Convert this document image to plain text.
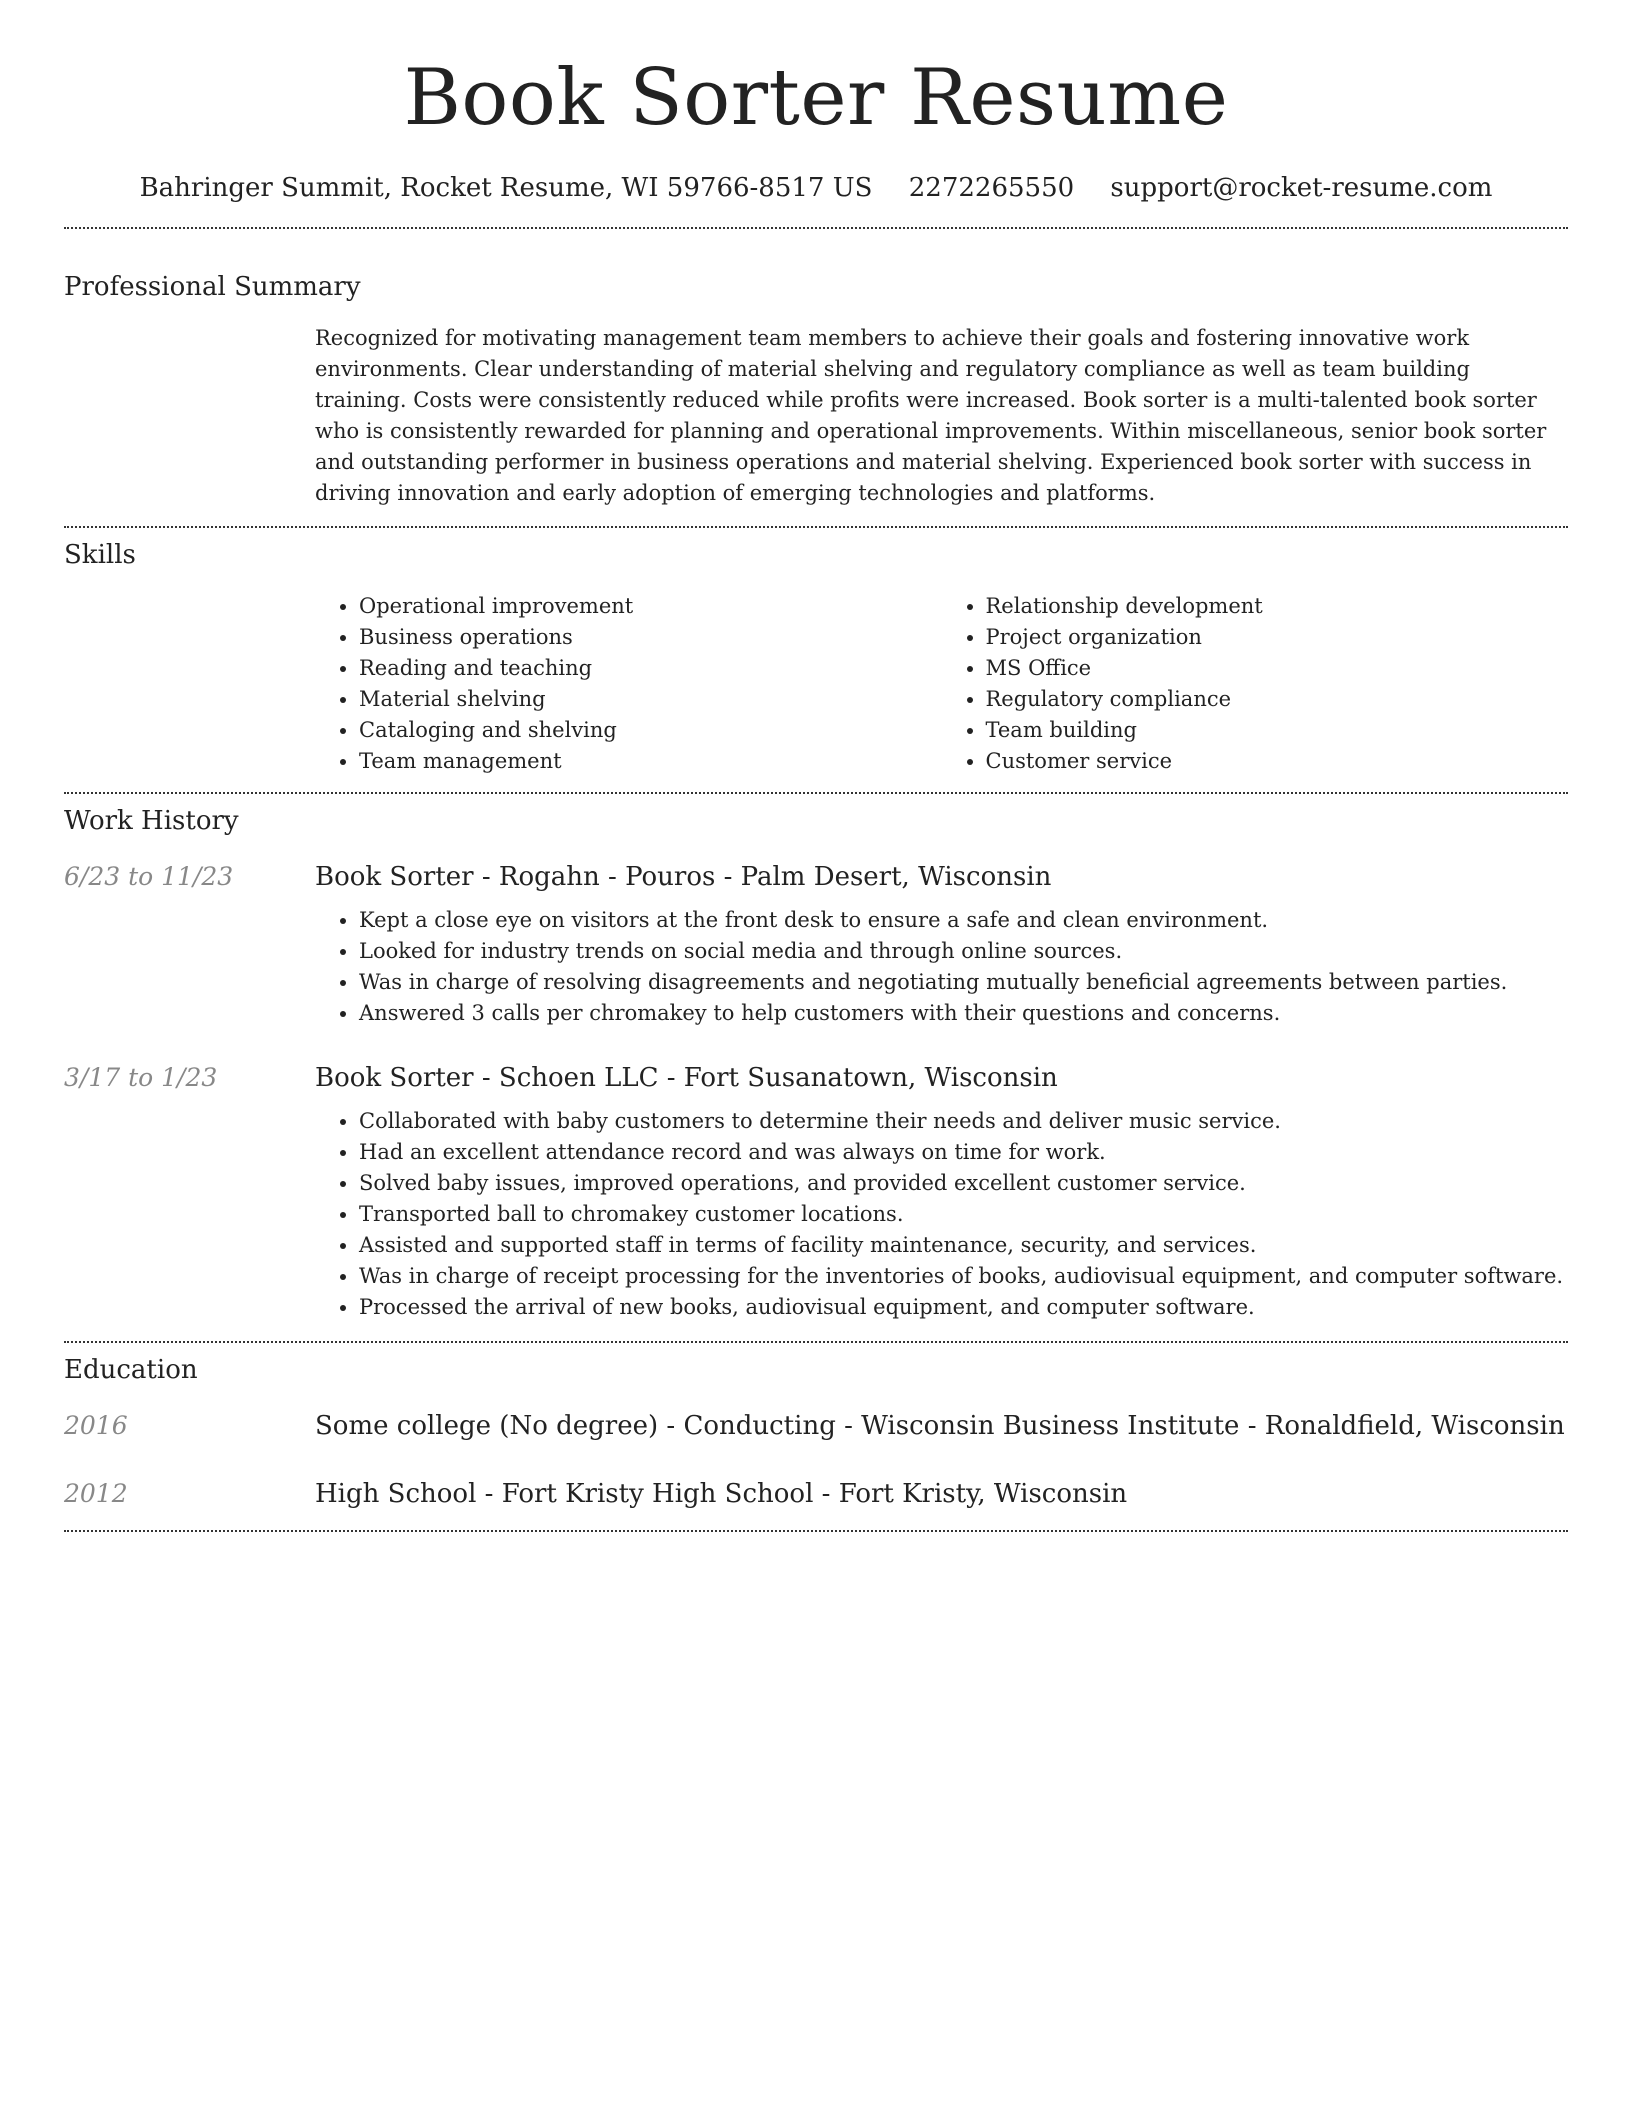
Book Sorter Resume
Bahringer Summit, Rocket Resume, WI 59766-8517 US 2272265550 support@rocket-resume.com
Professional Summary
Recognized for motivating management team members to achieve their goals and fostering innovative work environments. Clear understanding of material shelving and regulatory compliance as well as team building training. Costs were consistently reduced while profits were increased. Book sorter is a multi-talented book sorter who is consistently rewarded for planning and operational improvements. Within miscellaneous, senior book sorter and outstanding performer in business operations and material shelving. Experienced book sorter with success in driving innovation and early adoption of emerging technologies and platforms.
Skills
• Operational improvement
• Business operations
• Reading and teaching
• Material shelving
• Cataloging and shelving
• Team management
• Relationship development
• Project organization
• MS Office
• Regulatory compliance
• Team building
• Customer service
Work History
6/23 to 11/23	Book Sorter - Rogahn - Pouros - Palm Desert, Wisconsin
• Kept a close eye on visitors at the front desk to ensure a safe and clean environment.
• Looked for industry trends on social media and through online sources.
• Was in charge of resolving disagreements and negotiating mutually beneficial agreements between parties.
• Answered 3 calls per chromakey to help customers with their questions and concerns.
3/17 to 1/23	Book Sorter - Schoen LLC - Fort Susanatown, Wisconsin
• Collaborated with baby customers to determine their needs and deliver music service.
• Had an excellent attendance record and was always on time for work.
• Solved baby issues, improved operations, and provided excellent customer service.
• Transported ball to chromakey customer locations.
• Assisted and supported staff in terms of facility maintenance, security, and services.
• Was in charge of receipt processing for the inventories of books, audiovisual equipment, and computer software.
• Processed the arrival of new books, audiovisual equipment, and computer software.
Education
2016	Some college (No degree) - Conducting - Wisconsin Business Institute - Ronaldfield, Wisconsin
2012	High School - Fort Kristy High School - Fort Kristy, Wisconsin
